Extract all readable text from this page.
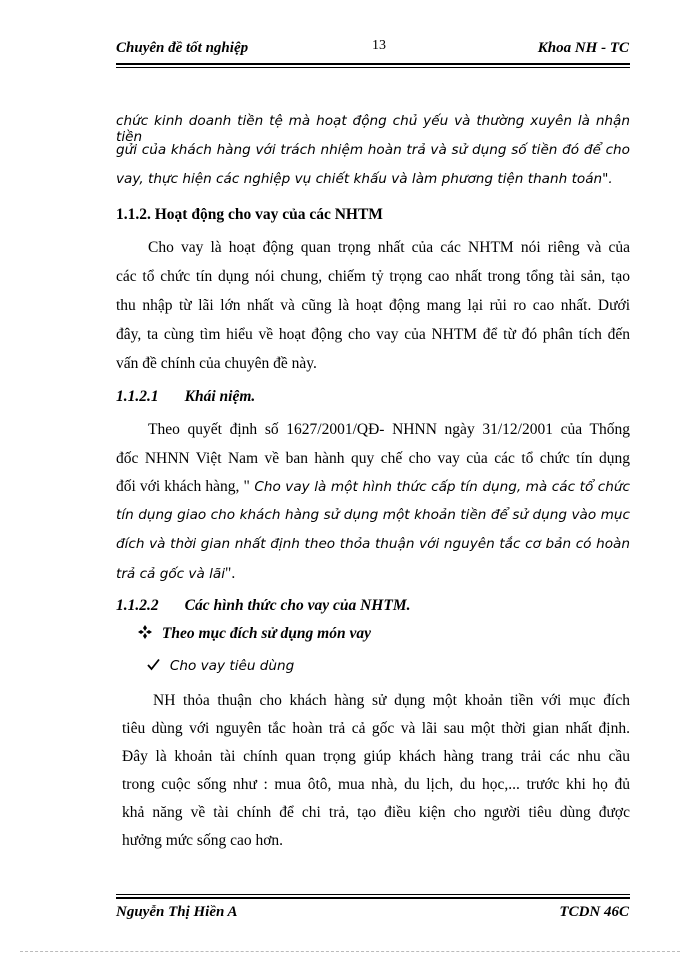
Chuyên đề tốt nghiệp	13	Khoa NH - TC
chức kinh doanh tiền tệ mà hoạt động chủ yếu và thường xuyên là nhận tiền
gửi của khách hàng với trách nhiệm hoàn trả và sử dụng số tiền đó để cho
vay, thực hiện các nghiệp vụ chiết khấu và làm phương tiện thanh toán".
1.1.2. Hoạt động cho vay của các NHTM
Cho vay là hoạt động quan trọng nhất của các NHTM nói riêng và của
các tổ chức tín dụng nói chung, chiếm tỷ trọng cao nhất trong tổng tài sản, tạo
thu nhập từ lãi lớn nhất và cũng là hoạt động mang lại rủi ro cao nhất. Dưới
đây, ta cùng tìm hiểu về hoạt động cho vay của NHTM để từ đó phân tích đến
vấn đề chính của chuyên đề này.
1.1.2.1 Khái niệm.
Theo quyết định số 1627/2001/QĐ- NHNN ngày 31/12/2001 của Thống
đốc NHNN Việt Nam về ban hành quy chế cho vay của các tổ chức tín dụng
đối với khách hàng, " Cho vay là một hình thức cấp tín dụng, mà các tổ chức
tín dụng giao cho khách hàng sử dụng một khoản tiền để sử dụng vào mục
đích và thời gian nhất định theo thỏa thuận với nguyên tắc cơ bản có hoàn
trả cả gốc và lãi".
1.1.2.2 Các hình thức cho vay của NHTM.
Theo mục đích sử dụng món vay
Cho vay tiêu dùng
NH thỏa thuận cho khách hàng sử dụng một khoản tiền với mục đích
tiêu dùng với nguyên tắc hoàn trả cả gốc và lãi sau một thời gian nhất định.
Đây là khoản tài chính quan trọng giúp khách hàng trang trải các nhu cầu
trong cuộc sống như : mua ôtô, mua nhà, du lịch, du học,... trước khi họ đủ
khả năng về tài chính để chi trả, tạo điều kiện cho người tiêu dùng được
hưởng mức sống cao hơn.
Nguyễn Thị Hiền A	TCDN 46C
